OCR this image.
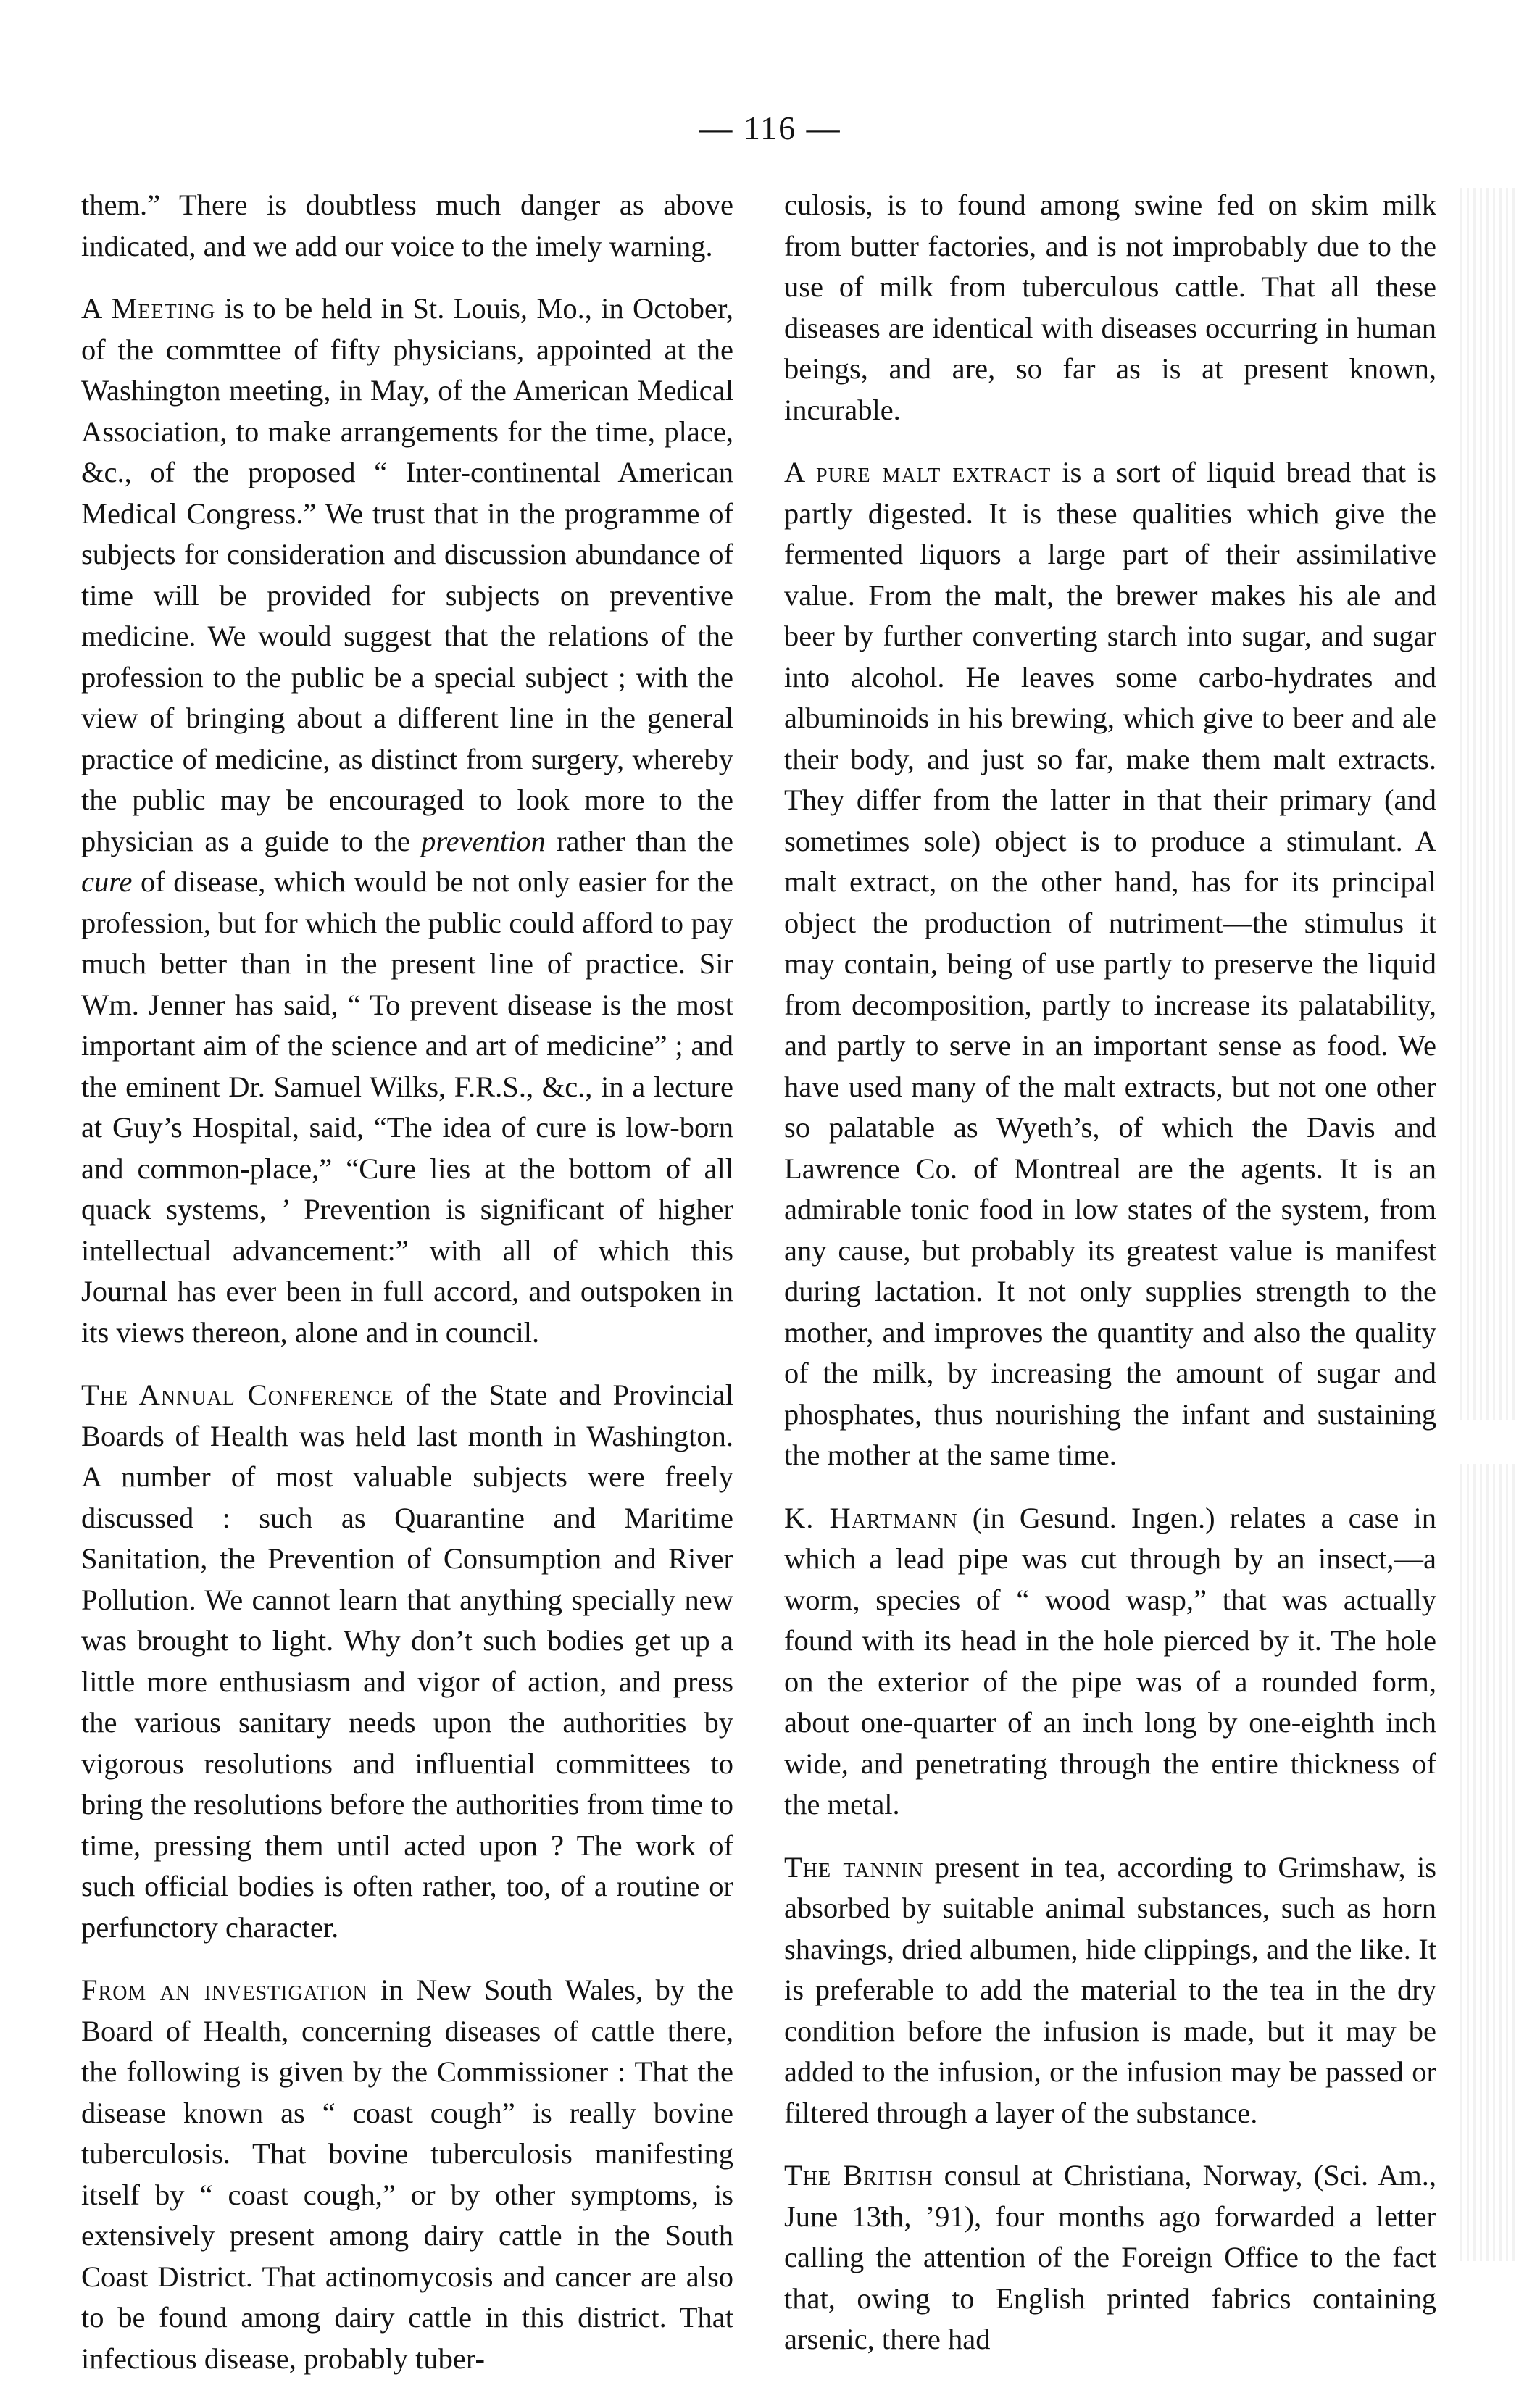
— 116 —

them.” There is doubtless much danger as above indicated, and we add our voice to the imely warning.

A Meeting is to be held in St. Louis, Mo., in October, of the commttee of fifty physicians, appointed at the Washington meeting, in May, of the American Medical Association, to make arrangements for the time, place, &c., of the proposed “ Inter-continental American Medical Congress.” We trust that in the programme of subjects for consideration and discussion abundance of time will be provided for subjects on preventive medicine. We would suggest that the relations of the profession to the public be a special subject ; with the view of bringing about a different line in the general practice of medicine, as distinct from surgery, whereby the public may be encouraged to look more to the physician as a guide to the prevention rather than the cure of disease, which would be not only easier for the profession, but for which the public could afford to pay much better than in the present line of practice. Sir Wm. Jenner has said, “ To prevent disease is the most important aim of the science and art of medicine” ; and the eminent Dr. Samuel Wilks, F.R.S., &c., in a lecture at Guy’s Hospital, said, “The idea of cure is low-born and common-place,” “Cure lies at the bottom of all quack systems, ’ Prevention is significant of higher intellectual advancement:” with all of which this Journal has ever been in full accord, and outspoken in its views thereon, alone and in council.

The Annual Conference of the State and Provincial Boards of Health was held last month in Washington. A number of most valuable subjects were freely discussed : such as Quarantine and Maritime Sanitation, the Prevention of Consumption and River Pollution. We cannot learn that anything specially new was brought to light. Why don’t such bodies get up a little more enthusiasm and vigor of action, and press the various sanitary needs upon the authorities by vigorous resolutions and influential committees to bring the resolutions before the authorities from time to time, pressing them until acted upon ? The work of such official bodies is often rather, too, of a routine or perfunctory character.

From an investigation in New South Wales, by the Board of Health, concerning diseases of cattle there, the following is given by the Commissioner : That the disease known as “ coast cough” is really bovine tuberculosis. That bovine tuberculosis manifesting itself by “ coast cough,” or by other symptoms, is extensively present among dairy cattle in the South Coast District. That actinomycosis and cancer are also to be found among dairy cattle in this district. That infectious disease, probably tuber-

culosis, is to found among swine fed on skim milk from butter factories, and is not improbably due to the use of milk from tuberculous cattle. That all these diseases are identical with diseases occurring in human beings, and are, so far as is at present known, incurable.

A pure malt extract is a sort of liquid bread that is partly digested. It is these qualities which give the fermented liquors a large part of their assimilative value. From the malt, the brewer makes his ale and beer by further converting starch into sugar, and sugar into alcohol. He leaves some carbo-hydrates and albuminoids in his brewing, which give to beer and ale their body, and just so far, make them malt extracts. They differ from the latter in that their primary (and sometimes sole) object is to produce a stimulant. A malt extract, on the other hand, has for its principal object the production of nutriment—the stimulus it may contain, being of use partly to preserve the liquid from decomposition, partly to increase its palatability, and partly to serve in an important sense as food. We have used many of the malt extracts, but not one other so palatable as Wyeth’s, of which the Davis and Lawrence Co. of Montreal are the agents. It is an admirable tonic food in low states of the system, from any cause, but probably its greatest value is manifest during lactation. It not only supplies strength to the mother, and improves the quantity and also the quality of the milk, by increasing the amount of sugar and phosphates, thus nourishing the infant and sustaining the mother at the same time.

K. Hartmann (in Gesund. Ingen.) relates a case in which a lead pipe was cut through by an insect,—a worm, species of “ wood wasp,” that was actually found with its head in the hole pierced by it. The hole on the exterior of the pipe was of a rounded form, about one-quarter of an inch long by one-eighth inch wide, and penetrating through the entire thickness of the metal.

The tannin present in tea, according to Grimshaw, is absorbed by suitable animal substances, such as horn shavings, dried albumen, hide clippings, and the like. It is preferable to add the material to the tea in the dry condition before the infusion is made, but it may be added to the infusion, or the infusion may be passed or filtered through a layer of the substance.

The British consul at Christiana, Norway, (Sci. Am., June 13th, ’91), four months ago forwarded a letter calling the attention of the Foreign Office to the fact that, owing to English printed fabrics containing arsenic, there had
